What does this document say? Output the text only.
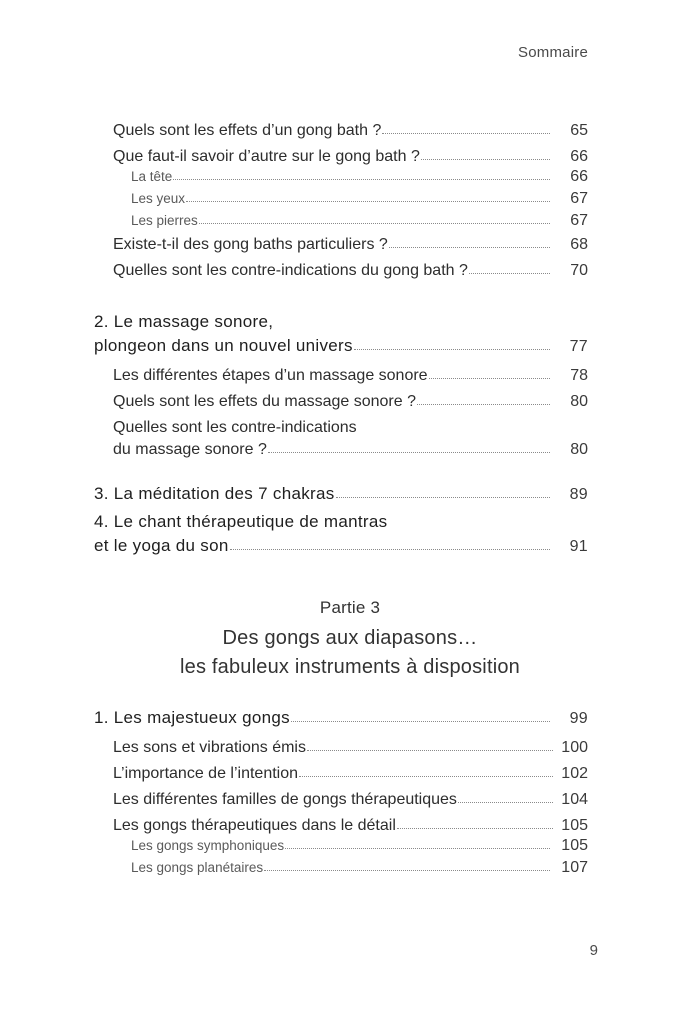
Sommaire
Quels sont les effets d’un gong bath ?	65
Que faut-il savoir d’autre sur le gong bath ?	66
La tête	66
Les yeux	67
Les pierres	67
Existe-t-il des gong baths particuliers ?	68
Quelles sont les contre-indications du gong bath ?	70
2. Le massage sonore,
plongeon dans un nouvel univers	77
Les différentes étapes d’un massage sonore	78
Quels sont les effets du massage sonore ?	80
Quelles sont les contre-indications
du massage sonore ?	80
3. La méditation des 7 chakras	89
4. Le chant thérapeutique de mantras
et le yoga du son	91
Partie 3
Des gongs aux diapasons…
les fabuleux instruments à disposition
1. Les majestueux gongs	99
Les sons et vibrations émis	100
L’importance de l’intention	102
Les différentes familles de gongs thérapeutiques	104
Les gongs thérapeutiques dans le détail	105
Les gongs symphoniques	105
Les gongs planétaires	107
9
